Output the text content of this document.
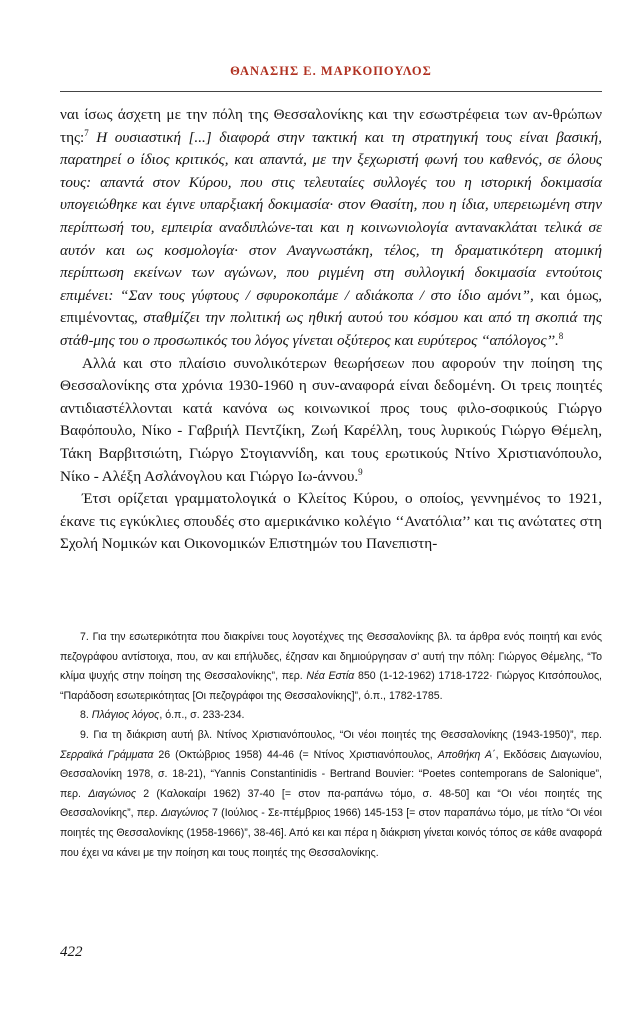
ΘΑΝΑΣΗΣ Ε. ΜΑΡΚΟΠΟΥΛΟΣ

ναι ίσως άσχετη με την πόλη της Θεσσαλονίκης και την εσωστρέφεια των αν-θρώπων της:$^7$ Η ουσιαστική [...] διαφορά στην τακτική και τη στρατηγική τους είναι βασική, παρατηρεί ο ίδιος κριτικός, και απαντά, με την ξεχωριστή φωνή του καθενός, σε όλους τους: απαντά στον Κύρου, που στις τελευταίες συλλογές του η ιστορική δοκιμασία υπογειώθηκε και έγινε υπαρξιακή δοκιμασία· στον Θασίτη, που η ίδια, υπερειωμένη στην περίπτωσή του, εμπειρία αναδιπλώνε-ται και η κοινωνιολογία αντανακλάται τελικά σε αυτόν και ως κοσμολογία· στον Αναγνωστάκη, τέλος, τη δραματικότερη ατομική περίπτωση εκείνων των αγώνων, που ριγμένη στη συλλογική δοκιμασία εντούτοις επιμένει: “Σαν τους γύφτους / σφυροκοπάμε / αδιάκοπα / στο ίδιο αμόνι”, και όμως, επιμένοντας, σταθμίζει την πολιτική ως ηθική αυτού του κόσμου και από τη σκοπιά της στάθ-μης του ο προσωπικός του λόγος γίνεται οξύτερος και ευρύτερος ‘‘απόλογος’’.$^8$

Αλλά και στο πλαίσιο συνολικότερων θεωρήσεων που αφορούν την ποίηση της Θεσσαλονίκης στα χρόνια 1930-1960 η συν-αναφορά είναι δεδομένη. Οι τρεις ποιητές αντιδιαστέλλονται κατά κανόνα ως κοινωνικοί προς τους φιλο-σοφικούς Γιώργο Βαφόπουλο, Νίκο - Γαβριήλ Πεντζίκη, Ζωή Καρέλλη, τους λυρικούς Γιώργο Θέμελη, Τάκη Βαρβιτσιώτη, Γιώργο Στογιαννίδη, και τους ερωτικούς Ντίνο Χριστιανόπουλο, Νίκο - Αλέξη Ασλάνογλου και Γιώργο Ιω-άννου.$^9$

Έτσι ορίζεται γραμματολογικά ο Κλείτος Κύρου, ο οποίος, γεννημένος το 1921, έκανε τις εγκύκλιες σπουδές στο αμερικάνικο κολέγιο ‘‘Ανατόλια’’ και τις ανώτατες στη Σχολή Νομικών και Οικονομικών Επιστημών του Πανεπιστη-

7. Για την εσωτερικότητα που διακρίνει τους λογοτέχνες της Θεσσαλονίκης βλ. τα άρθρα ενός ποιητή και ενός πεζογράφου αντίστοιχα, που, αν και επήλυδες, έζησαν και δημιούργησαν σ’ αυτή την πόλη: Γιώργος Θέμελης, “Το κλίμα ψυχής στην ποίηση της Θεσσαλονίκης”, περ. Νέα Εστία 850 (1-12-1962) 1718-1722· Γιώργος Κιτσόπουλος, “Παράδοση εσωτερικότητας [Οι πεζογράφοι της Θεσσαλονίκης]”, ό.π., 1782-1785.

8. Πλάγιος λόγος, ό.π., σ. 233-234.

9. Για τη διάκριση αυτή βλ. Ντίνος Χριστιανόπουλος, “Οι νέοι ποιητές της Θεσσαλονίκης (1943-1950)”, περ. Σερραϊκά Γράμματα 26 (Οκτώβριος 1958) 44-46 (= Ντίνος Χριστιανόπουλος, Αποθήκη Α΄, Εκδόσεις Διαγωνίου, Θεσσαλονίκη 1978, σ. 18-21), “Yannis Constantinidis - Bertrand Bouvier: “Poetes contemporans de Salonique”, περ. Διαγώνιος 2 (Καλοκαίρι 1962) 37-40 [= στον πα-ραπάνω τόμο, σ. 48-50] και “Οι νέοι ποιητές της Θεσσαλονίκης”, περ. Διαγώνιος 7 (Ιούλιος - Σε-πτέμβριος 1966) 145-153 [= στον παραπάνω τόμο, με τίτλο “Οι νέοι ποιητές της Θεσσαλονίκης (1958-1966)”, 38-46]. Από κει και πέρα η διάκριση γίνεται κοινός τόπος σε κάθε αναφορά που έχει να κάνει με την ποίηση και τους ποιητές της Θεσσαλονίκης.

422
